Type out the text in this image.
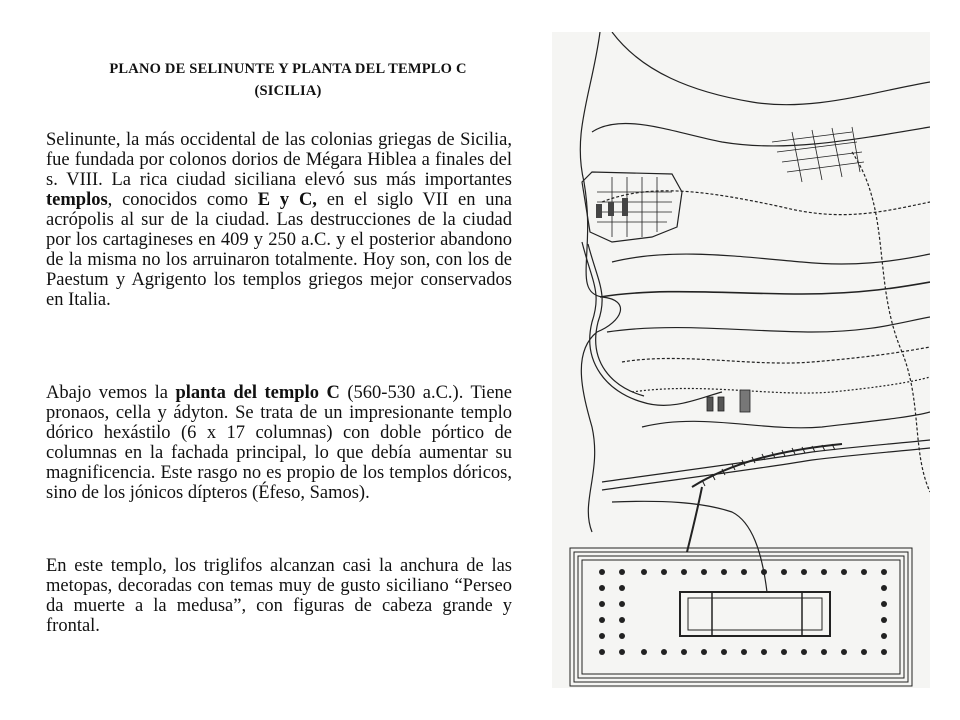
PLANO DE SELINUNTE Y PLANTA DEL TEMPLO C
(SICILIA)

Selinunte, la más occidental de las colonias griegas de Sicilia, fue fundada por colonos dorios de Mégara Hiblea a finales del s. VIII. La rica ciudad siciliana elevó sus más importantes templos, conocidos como E y C, en el siglo VII en una acrópolis al sur de la ciudad. Las destrucciones de la ciudad por los cartagineses en 409 y 250 a.C. y el posterior abandono de la misma no los arruinaron totalmente. Hoy son, con los de Paestum y Agrigento los templos griegos mejor conservados en Italia.

Abajo vemos la planta del templo C (560-530 a.C.). Tiene pronaos, cella y ádyton. Se trata de un impresionante templo dórico hexástilo (6 x 17 columnas) con doble pórtico de columnas en la fachada principal, lo que debía aumentar su magnificencia. Este rasgo no es propio de los templos dóricos, sino de los jónicos dípteros (Éfeso, Samos).

En este templo, los triglifos alcanzan casi la anchura de las metopas, decoradas con temas muy de gusto siciliano “Perseo da muerte a la medusa”, con figuras de cabeza grande y frontal.
